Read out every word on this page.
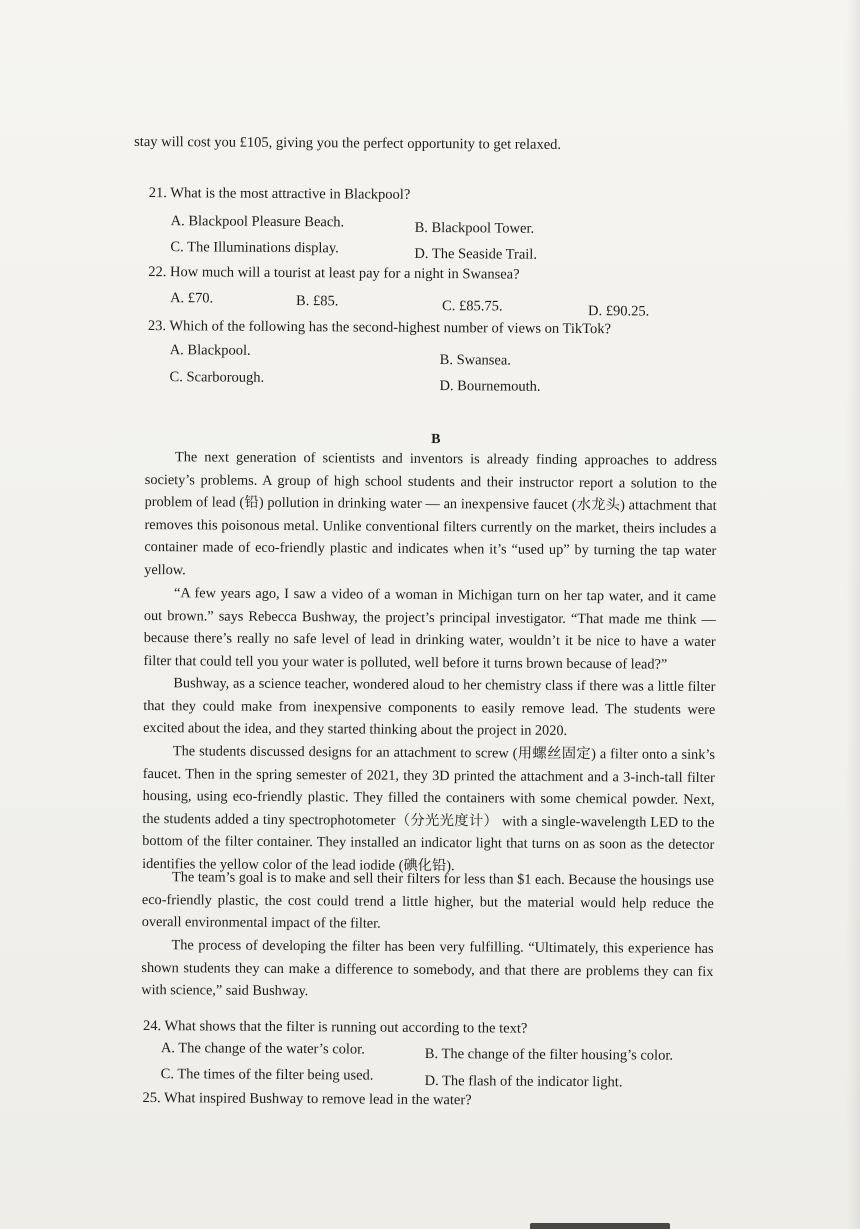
stay will cost you £105, giving you the perfect opportunity to get relaxed.
21. What is the most attractive in Blackpool?
A. Blackpool Pleasure Beach.	B. Blackpool Tower.
C. The Illuminations display.	D. The Seaside Trail.
22. How much will a tourist at least pay for a night in Swansea?
A. £70.	B. £85.	C. £85.75.	D. £90.25.
23. Which of the following has the second-highest number of views on TikTok?
A. Blackpool.
B. Swansea.
C. Scarborough.
D. Bournemouth.
B
The next generation of scientists and inventors is already finding approaches to address society’s problems. A group of high school students and their instructor report a solution to the problem of lead (铅) pollution in drinking water — an inexpensive faucet (水龙头) attachment that removes this poisonous metal. Unlike conventional filters currently on the market, theirs includes a container made of eco-friendly plastic and indicates when it’s “used up” by turning the tap water yellow.
“A few years ago, I saw a video of a woman in Michigan turn on her tap water, and it came out brown.” says Rebecca Bushway, the project’s principal investigator. “That made me think — because there’s really no safe level of lead in drinking water, wouldn’t it be nice to have a water filter that could tell you your water is polluted, well before it turns brown because of lead?”
Bushway, as a science teacher, wondered aloud to her chemistry class if there was a little filter that they could make from inexpensive components to easily remove lead. The students were excited about the idea, and they started thinking about the project in 2020.
The students discussed designs for an attachment to screw (用螺丝固定) a filter onto a sink’s faucet. Then in the spring semester of 2021, they 3D printed the attachment and a 3-inch-tall filter housing, using eco-friendly plastic. They filled the containers with some chemical powder. Next, the students added a tiny spectrophotometer（分光光度计） with a single-wavelength LED to the bottom of the filter container. They installed an indicator light that turns on as soon as the detector identifies the yellow color of the lead iodide (碘化铅).
The team’s goal is to make and sell their filters for less than $1 each. Because the housings use eco-friendly plastic, the cost could trend a little higher, but the material would help reduce the overall environmental impact of the filter.
The process of developing the filter has been very fulfilling. “Ultimately, this experience has shown students they can make a difference to somebody, and that there are problems they can fix with science,” said Bushway.
24. What shows that the filter is running out according to the text?
A. The change of the water’s color.	B. The change of the filter housing’s color.
C. The times of the filter being used.	D. The flash of the indicator light.
25. What inspired Bushway to remove lead in the water?
